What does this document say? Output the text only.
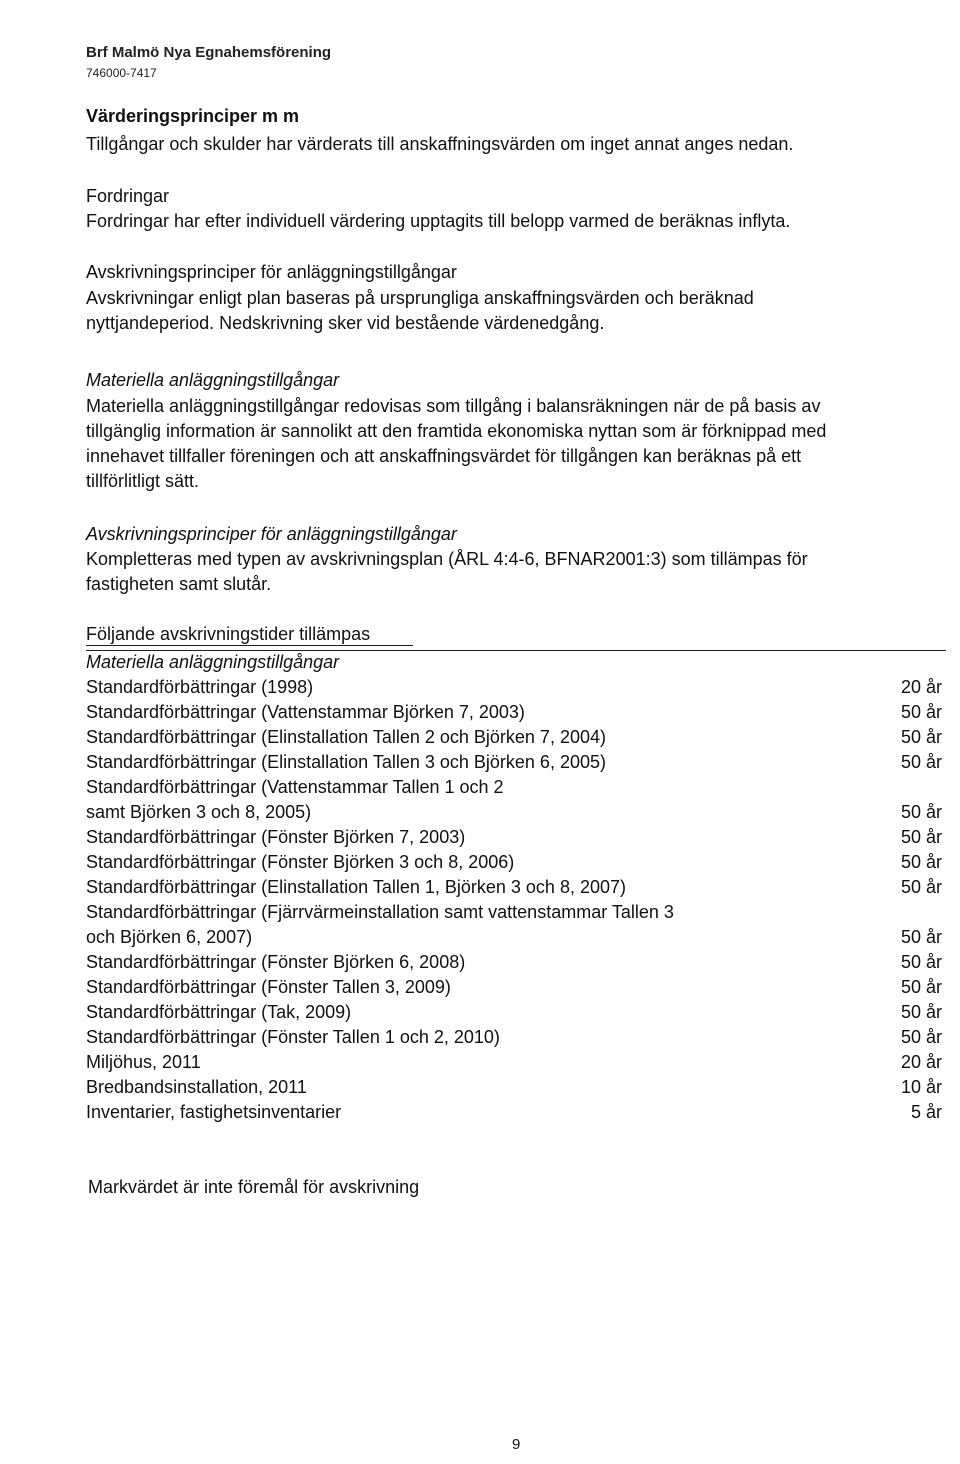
Brf Malmö Nya Egnahemsförening
746000-7417
Värderingsprinciper m m
Tillgångar och skulder har värderats till anskaffningsvärden om inget annat anges nedan.
Fordringar
Fordringar har efter individuell värdering upptagits till belopp varmed de beräknas inflyta.
Avskrivningsprinciper för anläggningstillgångar
Avskrivningar enligt plan baseras på ursprungliga anskaffningsvärden och beräknad
nyttjandeperiod. Nedskrivning sker vid bestående värdenedgång.
Materiella anläggningstillgångar
Materiella anläggningstillgångar redovisas som tillgång i balansräkningen när de på basis av
tillgänglig information är sannolikt att den framtida ekonomiska nyttan som är förknippad med
innehavet tillfaller föreningen och att anskaffningsvärdet för tillgången kan beräknas på ett
tillförlitligt sätt.
Avskrivningsprinciper för anläggningstillgångar
Kompletteras med typen av avskrivningsplan (ÅRL 4:4-6, BFNAR2001:3) som tillämpas för
fastigheten samt slutår.
Följande avskrivningstider tillämpas
Materiella anläggningstillgångar
Standardförbättringar (1998)	20 år
Standardförbättringar (Vattenstammar Björken 7, 2003)	50 år
Standardförbättringar (Elinstallation Tallen 2 och Björken 7, 2004)	50 år
Standardförbättringar (Elinstallation Tallen 3 och Björken 6, 2005)	50 år
Standardförbättringar (Vattenstammar Tallen 1 och 2
samt Björken 3 och 8, 2005)	50 år
Standardförbättringar (Fönster Björken 7, 2003)	50 år
Standardförbättringar (Fönster Björken 3 och 8, 2006)	50 år
Standardförbättringar (Elinstallation Tallen 1, Björken 3 och 8, 2007)	50 år
Standardförbättringar (Fjärrvärmeinstallation samt vattenstammar Tallen 3
och Björken 6, 2007)	50 år
Standardförbättringar (Fönster Björken 6, 2008)	50 år
Standardförbättringar (Fönster Tallen 3, 2009)	50 år
Standardförbättringar (Tak, 2009)	50 år
Standardförbättringar (Fönster Tallen 1 och 2, 2010)	50 år
Miljöhus, 2011	20 år
Bredbandsinstallation, 2011	10 år
Inventarier, fastighetsinventarier	5 år
Markvärdet är inte föremål för avskrivning
9
